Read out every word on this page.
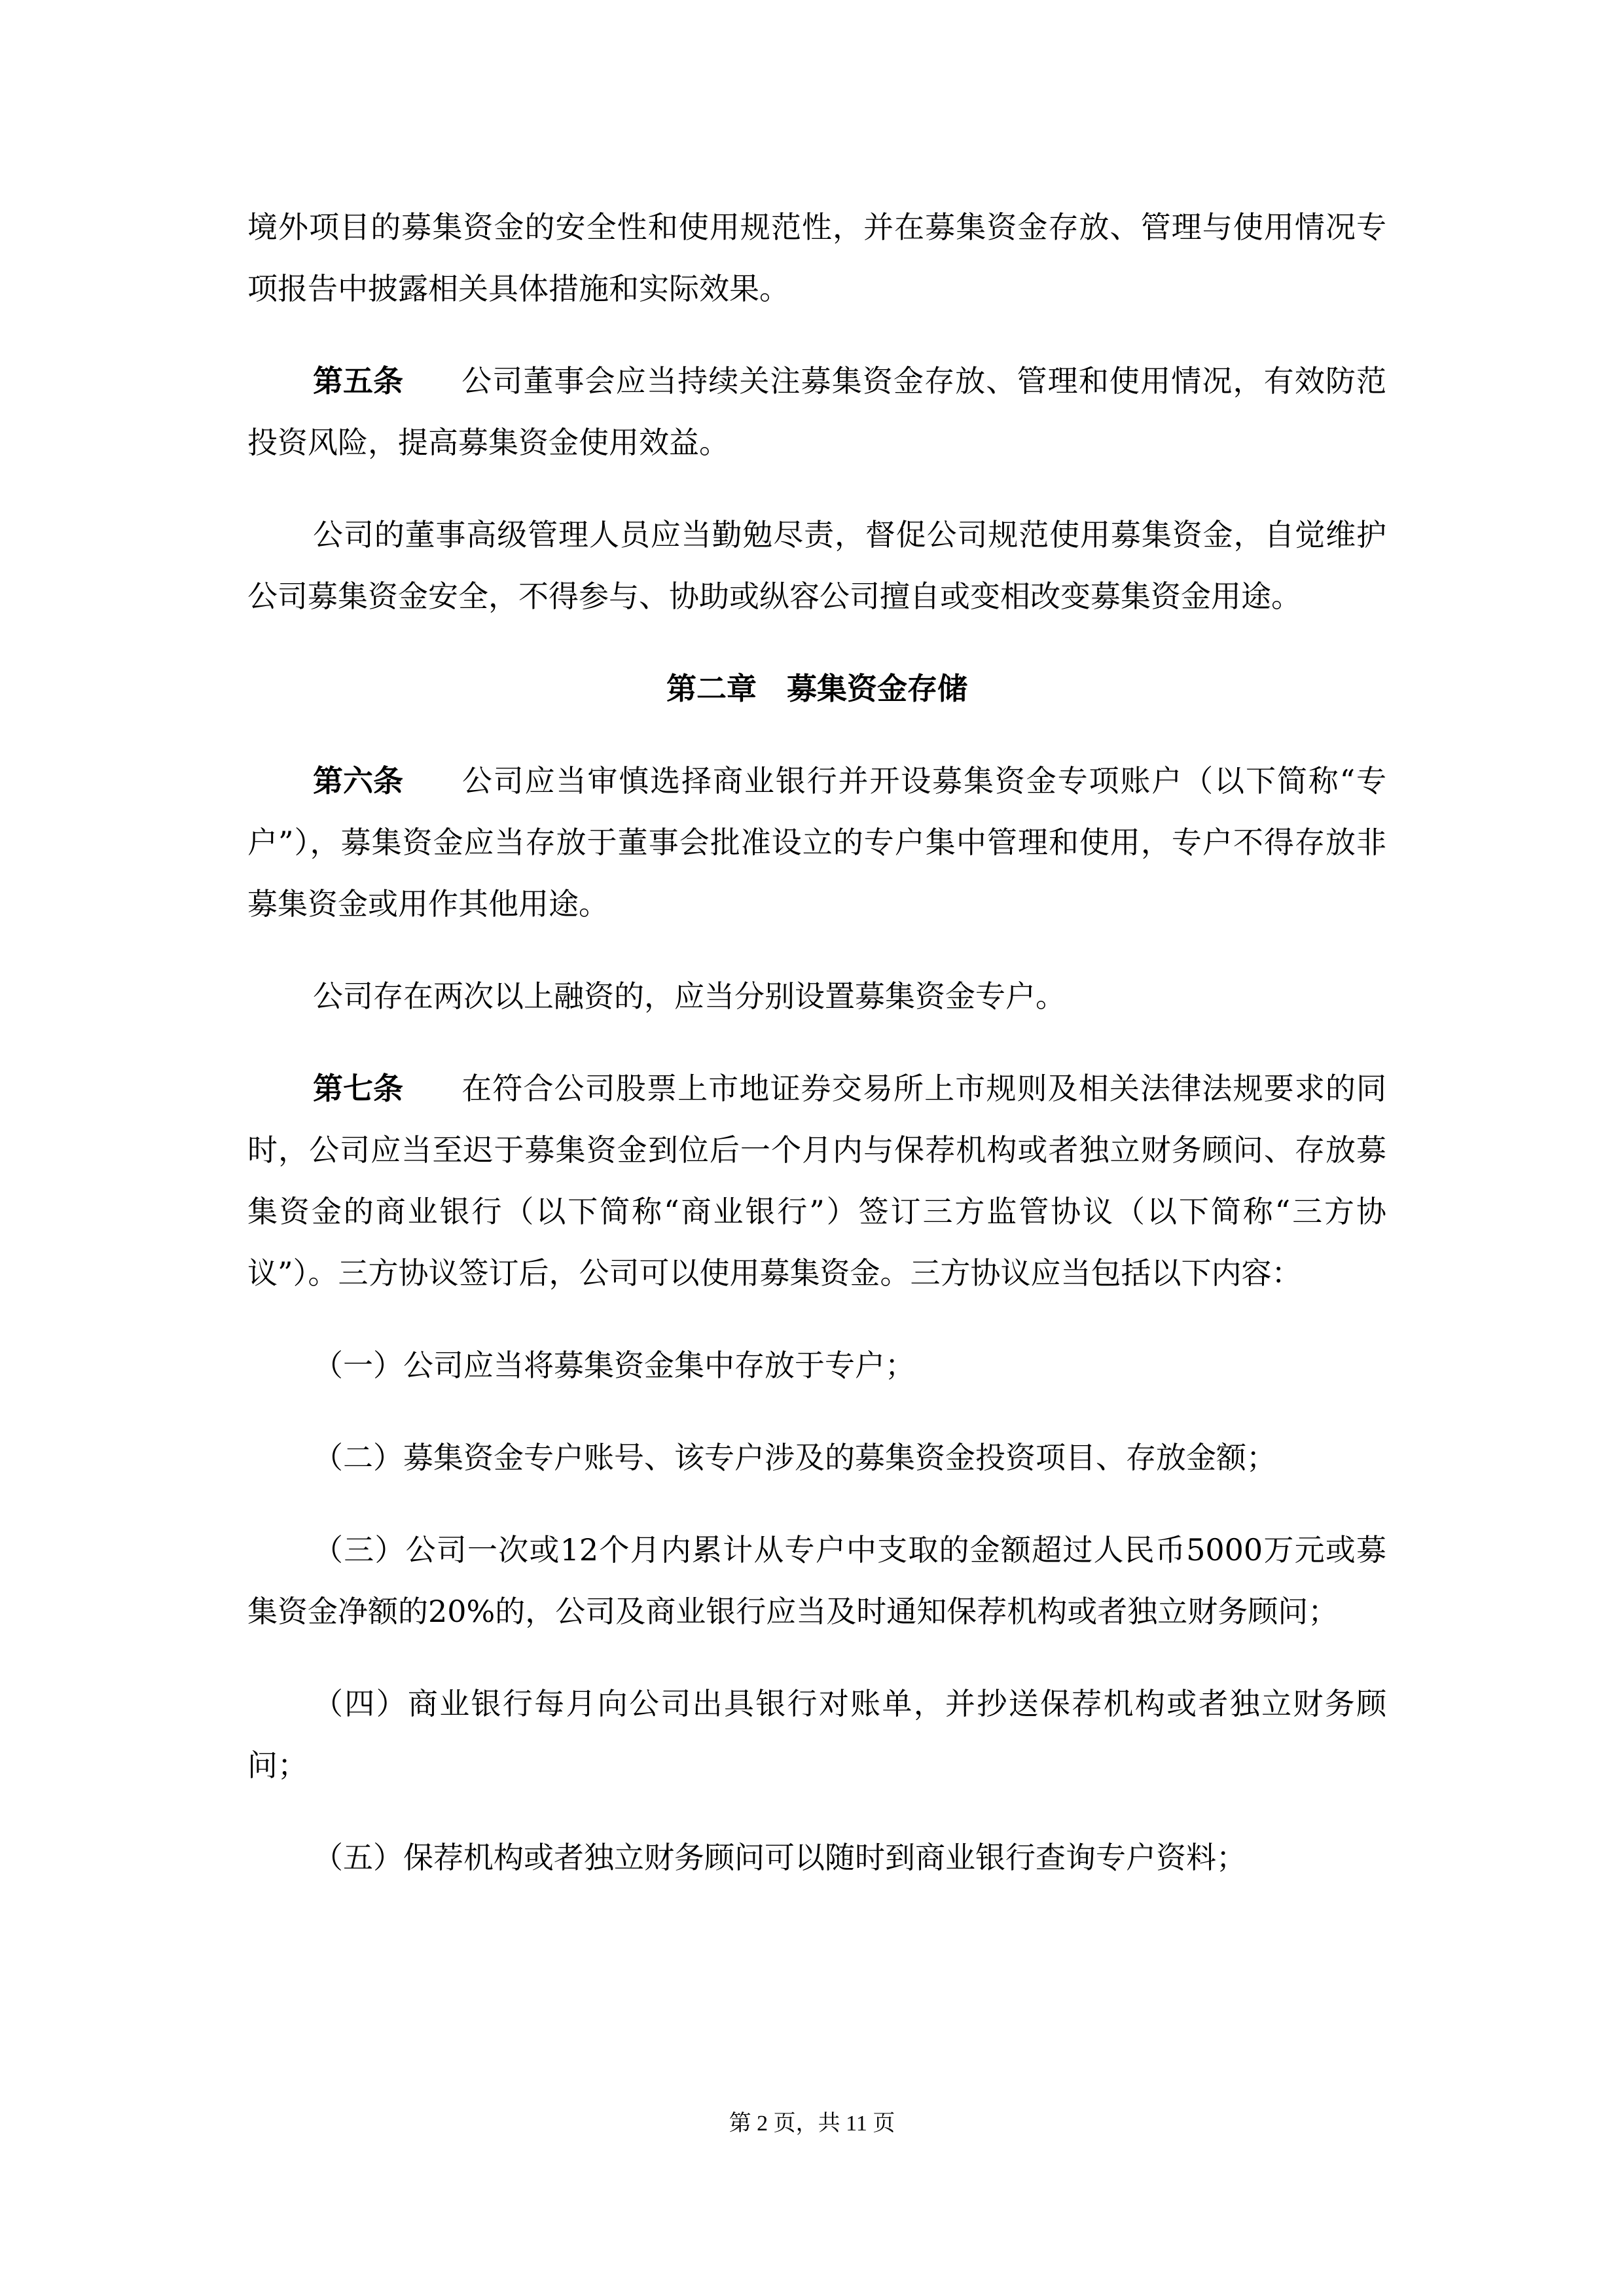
境外项目的募集资金的安全性和使用规范性，并在募集资金存放、管理与使用情况专项报告中披露相关具体措施和实际效果。

第五条 公司董事会应当持续关注募集资金存放、管理和使用情况，有效防范投资风险，提高募集资金使用效益。

公司的董事高级管理人员应当勤勉尽责，督促公司规范使用募集资金，自觉维护公司募集资金安全，不得参与、协助或纵容公司擅自或变相改变募集资金用途。

第二章 募集资金存储

第六条 公司应当审慎选择商业银行并开设募集资金专项账户（以下简称“专户”），募集资金应当存放于董事会批准设立的专户集中管理和使用，专户不得存放非募集资金或用作其他用途。

公司存在两次以上融资的，应当分别设置募集资金专户。

第七条 在符合公司股票上市地证券交易所上市规则及相关法律法规要求的同时，公司应当至迟于募集资金到位后一个月内与保荐机构或者独立财务顾问、存放募集资金的商业银行（以下简称“商业银行”）签订三方监管协议（以下简称“三方协议”）。三方协议签订后，公司可以使用募集资金。三方协议应当包括以下内容：

（一）公司应当将募集资金集中存放于专户；

（二）募集资金专户账号、该专户涉及的募集资金投资项目、存放金额；

（三）公司一次或12个月内累计从专户中支取的金额超过人民币5000万元或募集资金净额的20%的，公司及商业银行应当及时通知保荐机构或者独立财务顾问；

（四）商业银行每月向公司出具银行对账单，并抄送保荐机构或者独立财务顾问；

（五）保荐机构或者独立财务顾问可以随时到商业银行查询专户资料；

第 2 页，共 11 页
